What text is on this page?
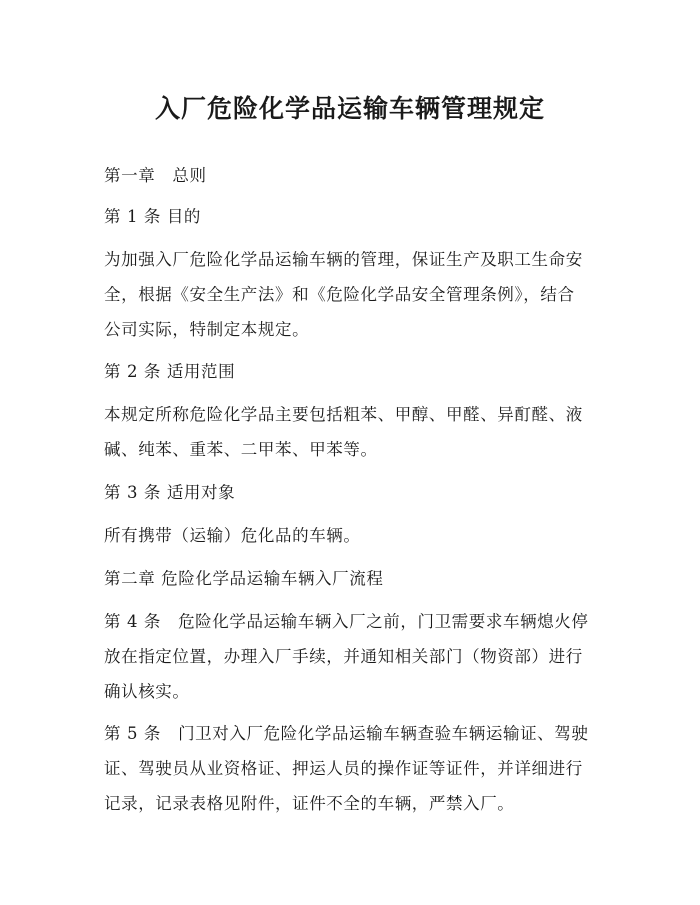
入厂危险化学品运输车辆管理规定
第一章　总则
第 1 条 目的
为加强入厂危险化学品运输车辆的管理，保证生产及职工生命安
全，根据《安全生产法》和《危险化学品安全管理条例》，结合
公司实际，特制定本规定。
第 2 条 适用范围
本规定所称危险化学品主要包括粗苯、甲醇、甲醛、异酊醛、液
碱、纯苯、重苯、二甲苯、甲苯等。
第 3 条 适用对象
所有携带（运输）危化品的车辆。
第二章 危险化学品运输车辆入厂流程
第 4 条　危险化学品运输车辆入厂之前，门卫需要求车辆熄火停
放在指定位置，办理入厂手续，并通知相关部门（物资部）进行
确认核实。
第 5 条　门卫对入厂危险化学品运输车辆查验车辆运输证、驾驶
证、驾驶员从业资格证、押运人员的操作证等证件，并详细进行
记录，记录表格见附件，证件不全的车辆，严禁入厂。
